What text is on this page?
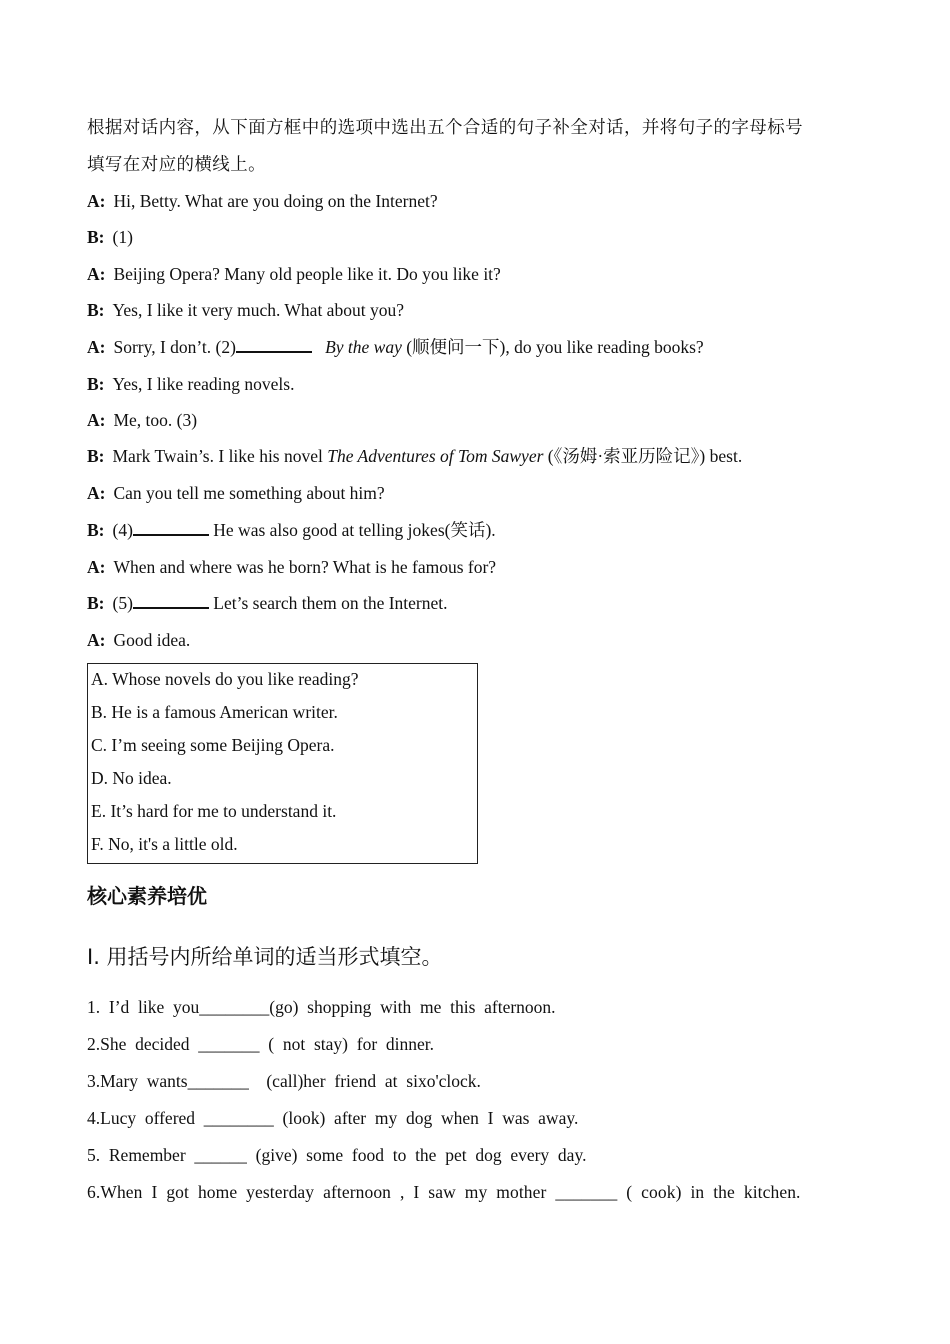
根据对话内容，从下面方框中的选项中选出五个合适的句子补全对话，并将句子的字母标号
填写在对应的横线上。
A: Hi, Betty. What are you doing on the Internet?
B: (1)
A: Beijing Opera? Many old people like it. Do you like it?
B: Yes, I like it very much. What about you?
A: Sorry, I don’t. (2)	By the way (顺便问一下), do you like reading books?
B: Yes, I like reading novels.
A: Me, too. (3)
B: Mark Twain’s. I like his novel The Adventures of Tom Sawyer (《汤姆·索亚历险记》) best.
A: Can you tell me something about him?
B: (4)	He was also good at telling jokes(笑话).
A: When and where was he born? What is he famous for?
B: (5)	Let’s search them on the Internet.
A: Good idea.
A. Whose novels do you like reading?
B. He is a famous American writer.
C. I’m seeing some Beijing Opera.
D. No idea.
E. It’s hard for me to understand it.
F. No, it's a little old.
核心素养培优
I. 用括号内所给单词的适当形式填空。
1.  I’d  like  you________(go)  shopping  with  me  this  afternoon.
2.She  decided  _______  (  not  stay)  for  dinner.
3.Mary  wants_______    (call)her  friend  at  sixo'clock.
4.Lucy  offered  ________  (look)  after  my  dog  when  I  was  away.
5.  Remember  ______  (give)  some  food  to  the  pet  dog  every  day.
6.When  I  got  home  yesterday  afternoon  ,  I  saw  my  mother  _______  (  cook)  in  the  kitchen.
